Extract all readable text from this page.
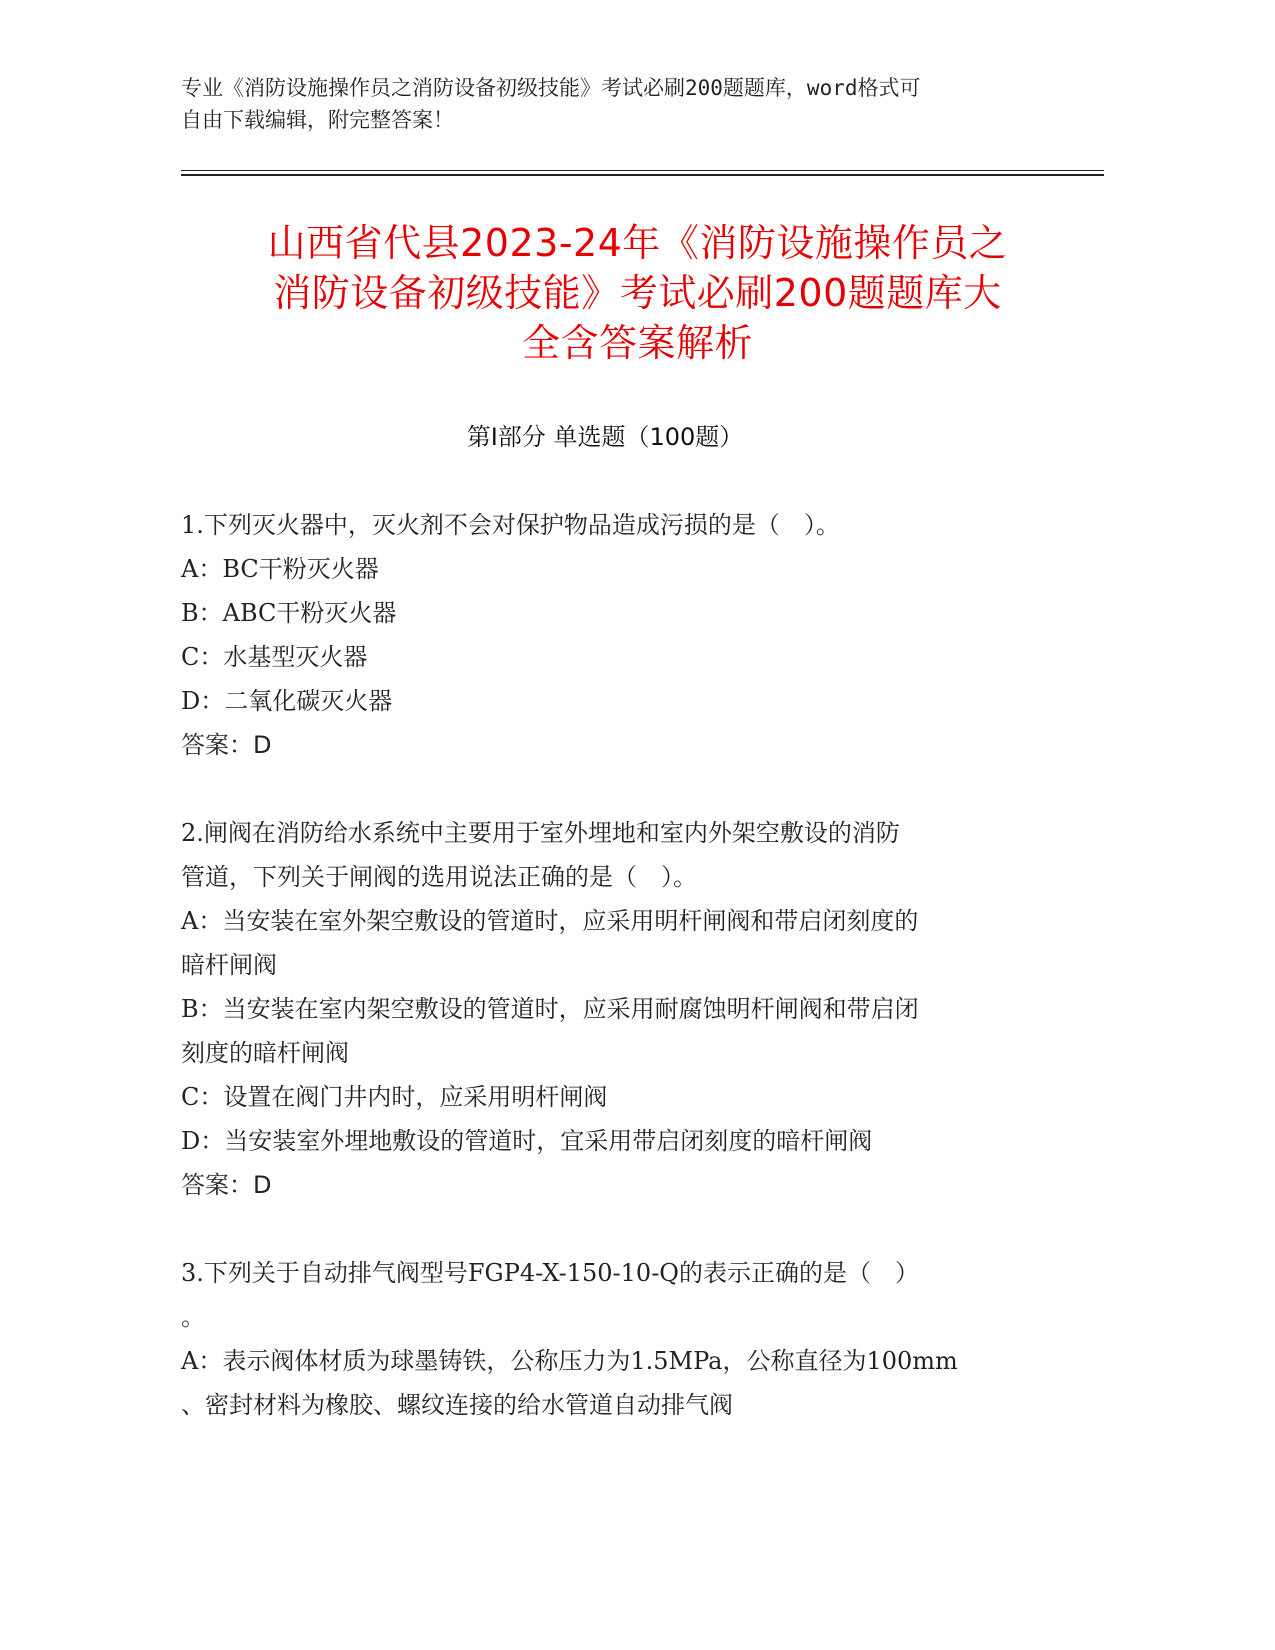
专业《消防设施操作员之消防设备初级技能》考试必刷200题题库，word格式可
自由下载编辑，附完整答案！
山西省代县2023-24年《消防设施操作员之
消防设备初级技能》考试必刷200题题库大
全含答案解析
第Ⅰ部分 单选题（100题）
1.下列灭火器中，灭火剂不会对保护物品造成污损的是（　）。
A：BC干粉灭火器
B：ABC干粉灭火器
C：水基型灭火器
D：二氧化碳灭火器
答案：D
2.闸阀在消防给水系统中主要用于室外埋地和室内外架空敷设的消防
管道，下列关于闸阀的选用说法正确的是（　）。
A：当安装在室外架空敷设的管道时，应采用明杆闸阀和带启闭刻度的
暗杆闸阀
B：当安装在室内架空敷设的管道时，应采用耐腐蚀明杆闸阀和带启闭
刻度的暗杆闸阀
C：设置在阀门井内时，应采用明杆闸阀
D：当安装室外埋地敷设的管道时，宜采用带启闭刻度的暗杆闸阀
答案：D
3.下列关于自动排气阀型号FGP4-X-150-10-Q的表示正确的是（　）
。
A：表示阀体材质为球墨铸铁，公称压力为1.5MPa，公称直径为100mm
、密封材料为橡胶、螺纹连接的给水管道自动排气阀
